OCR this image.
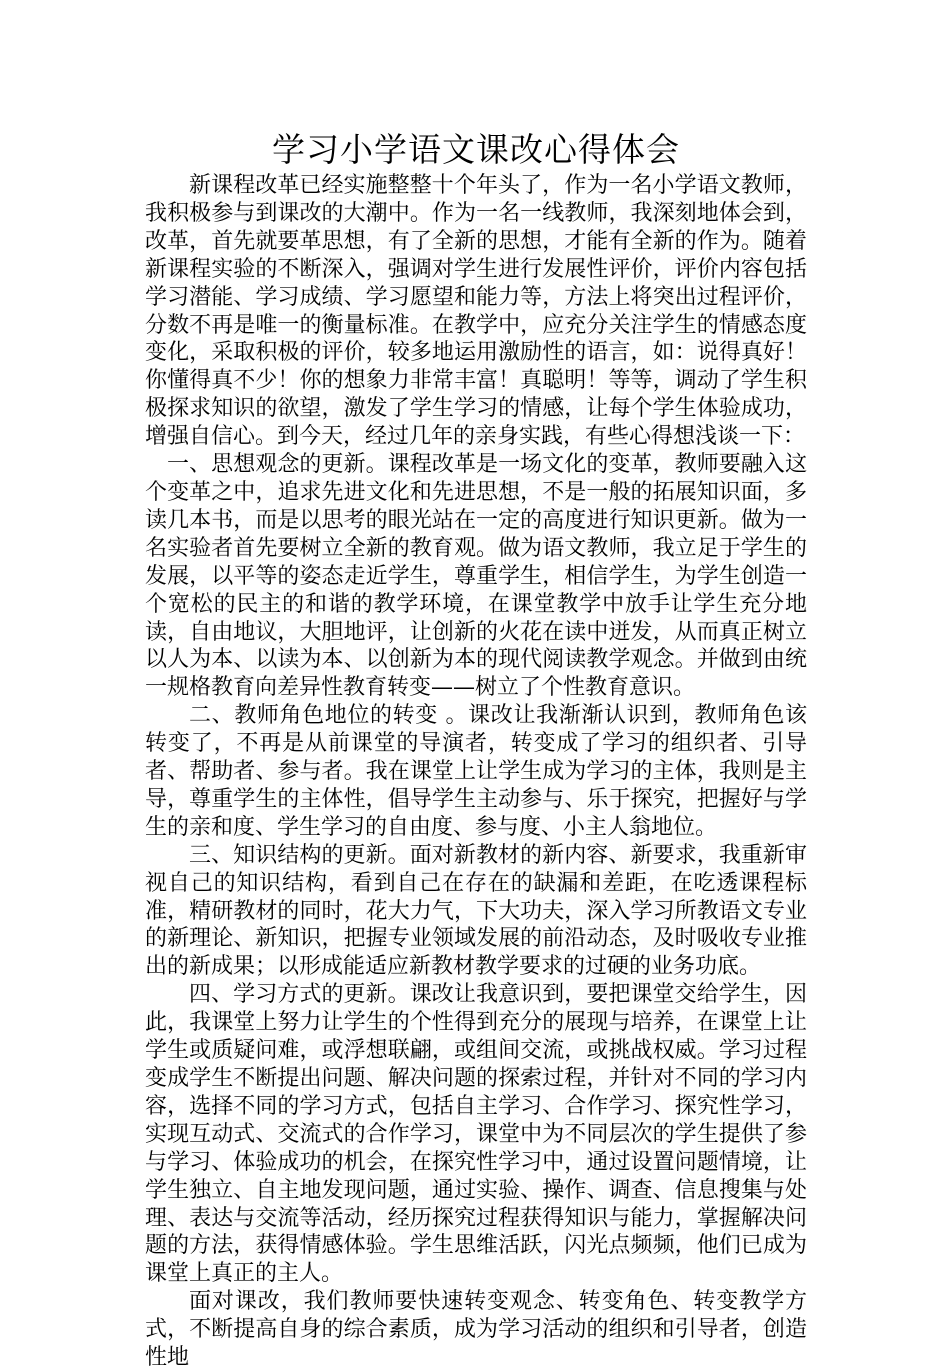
学习小学语文课改心得体会

新课程改革已经实施整整十个年头了，作为一名小学语文教师，我积极参与到课改的大潮中。作为一名一线教师，我深刻地体会到，改革，首先就要革思想，有了全新的思想，才能有全新的作为。随着新课程实验的不断深入，强调对学生进行发展性评价，评价内容包括学习潜能、学习成绩、学习愿望和能力等，方法上将突出过程评价，分数不再是唯一的衡量标准。在教学中，应充分关注学生的情感态度变化，采取积极的评价，较多地运用激励性的语言，如：说得真好！你懂得真不少！你的想象力非常丰富！真聪明！等等，调动了学生积极探求知识的欲望，激发了学生学习的情感，让每个学生体验成功，增强自信心。到今天，经过几年的亲身实践，有些心得想浅谈一下：

一、思想观念的更新。课程改革是一场文化的变革，教师要融入这个变革之中，追求先进文化和先进思想，不是一般的拓展知识面，多读几本书，而是以思考的眼光站在一定的高度进行知识更新。做为一名实验者首先要树立全新的教育观。做为语文教师，我立足于学生的发展，以平等的姿态走近学生，尊重学生，相信学生，为学生创造一个宽松的民主的和谐的教学环境，在课堂教学中放手让学生充分地读，自由地议，大胆地评，让创新的火花在读中迸发，从而真正树立以人为本、以读为本、以创新为本的现代阅读教学观念。并做到由统一规格教育向差异性教育转变——树立了个性教育意识。

二、教师角色地位的转变 。课改让我渐渐认识到，教师角色该转变了，不再是从前课堂的导演者，转变成了学习的组织者、引导者、帮助者、参与者。我在课堂上让学生成为学习的主体，我则是主导，尊重学生的主体性，倡导学生主动参与、乐于探究，把握好与学生的亲和度、学生学习的自由度、参与度、小主人翁地位。

三、知识结构的更新。面对新教材的新内容、新要求，我重新审视自己的知识结构，看到自己在存在的缺漏和差距，在吃透课程标准，精研教材的同时，花大力气，下大功夫，深入学习所教语文专业的新理论、新知识，把握专业领域发展的前沿动态，及时吸收专业推出的新成果；以形成能适应新教材教学要求的过硬的业务功底。

四、学习方式的更新。课改让我意识到，要把课堂交给学生，因此，我课堂上努力让学生的个性得到充分的展现与培养，在课堂上让学生或质疑问难，或浮想联翩，或组间交流，或挑战权威。学习过程变成学生不断提出问题、解决问题的探索过程，并针对不同的学习内容，选择不同的学习方式，包括自主学习、合作学习、探究性学习，实现互动式、交流式的合作学习，课堂中为不同层次的学生提供了参与学习、体验成功的机会，在探究性学习中，通过设置问题情境，让学生独立、自主地发现问题，通过实验、操作、调查、信息搜集与处理、表达与交流等活动，经历探究过程获得知识与能力，掌握解决问题的方法，获得情感体验。学生思维活跃，闪光点频频，他们已成为课堂上真正的主人。

面对课改，我们教师要快速转变观念、转变角色、转变教学方式，不断提高自身的综合素质，成为学习活动的组织和引导者，创造性地
